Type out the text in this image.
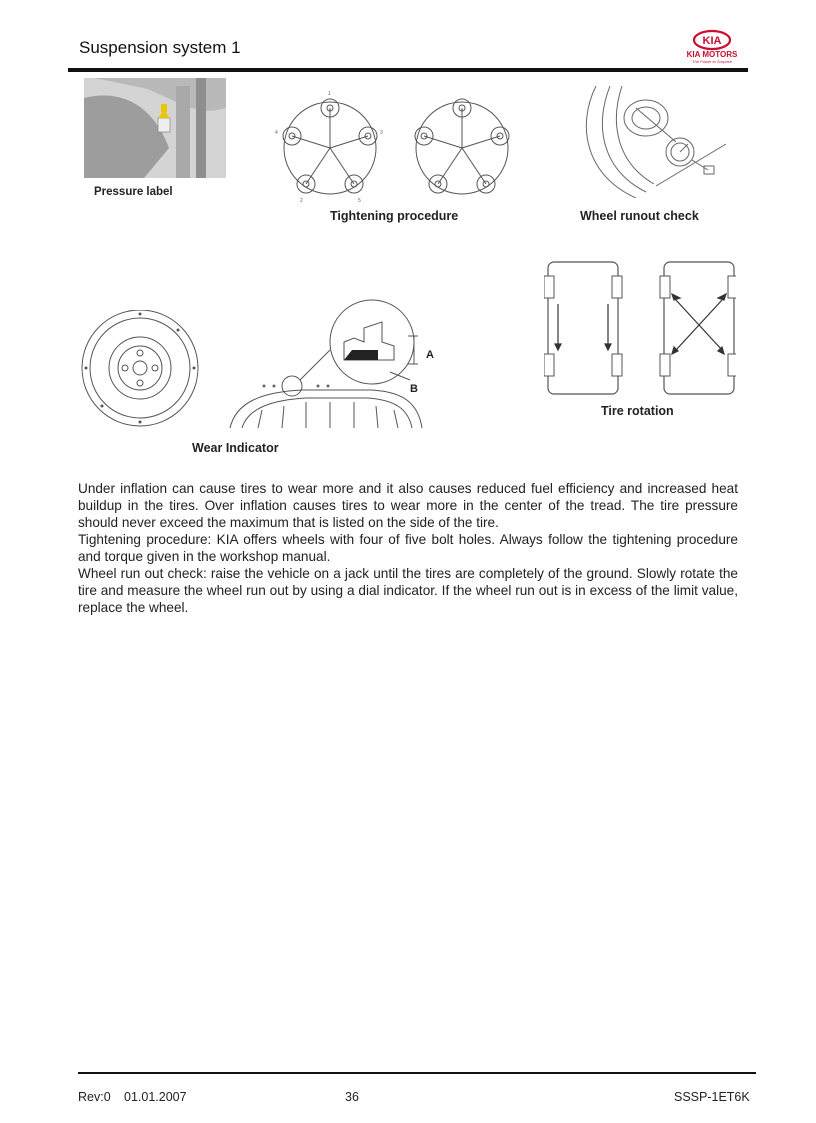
Suspension system 1	KIA
KIA MOTORS
The Power to Surprise
Pressure label
1
3
5
2
4
Tightening procedure	Wheel runout check
A
B
Wear Indicator
Tire rotation

Under inflation can cause tires to wear more and it also causes reduced fuel efficiency and increased heat buildup in the tires. Over inflation causes tires to wear more in the center of the tread. The tire pressure should never exceed the maximum that is listed on the side of the tire.

Tightening procedure: KIA offers wheels with four of five bolt holes. Always follow the tightening procedure and torque given in the workshop manual.

Wheel run out check: raise the vehicle on a jack until the tires are completely of the ground. Slowly rotate the tire and measure the wheel run out by using a dial indicator. If the wheel run out is in excess of the limit value, replace the wheel.

Rev:0 01.01.2007	36	SSSP-1ET6K
